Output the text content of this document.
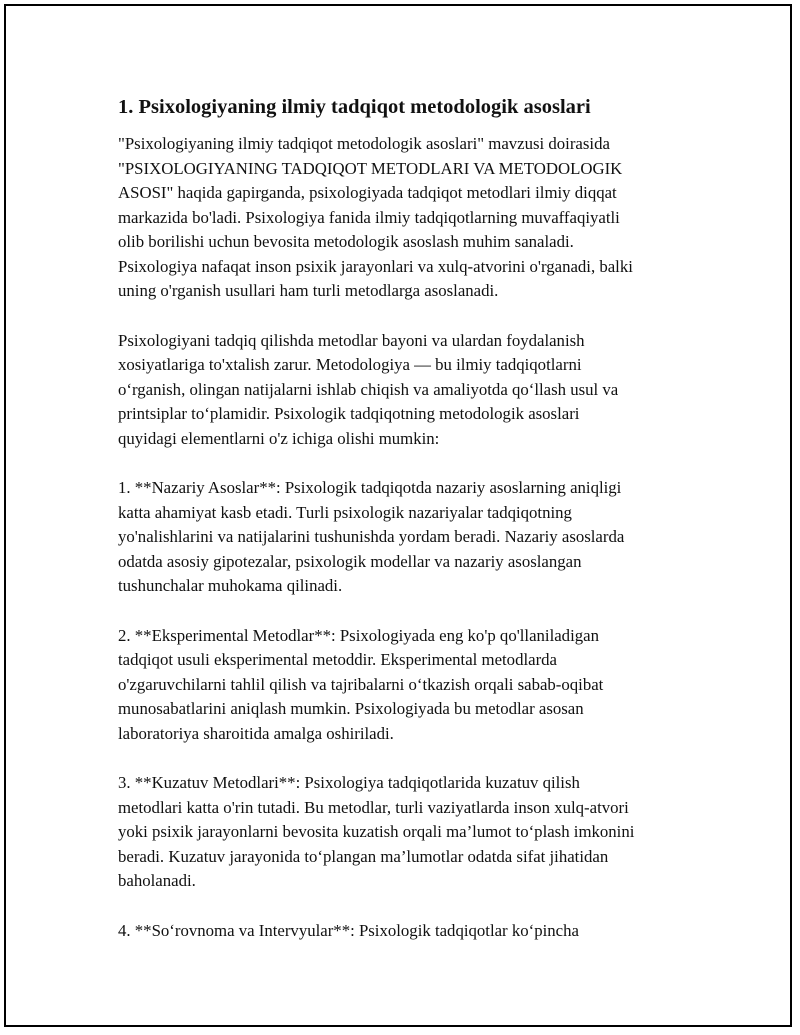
1. Psixologiyaning ilmiy tadqiqot metodologik asoslari

"Psixologiyaning ilmiy tadqiqot metodologik asoslari" mavzusi doirasida
"PSIXOLOGIYANING TADQIQOT METODLARI VA METODOLOGIK
ASOSI" haqida gapirganda, psixologiyada tadqiqot metodlari ilmiy diqqat
markazida bo'ladi. Psixologiya fanida ilmiy tadqiqotlarning muvaffaqiyatli
olib borilishi uchun bevosita metodologik asoslash muhim sanaladi.
Psixologiya nafaqat inson psixik jarayonlari va xulq-atvorini o'rganadi, balki
uning o'rganish usullari ham turli metodlarga asoslanadi.

Psixologiyani tadqiq qilishda metodlar bayoni va ulardan foydalanish
xosiyatlariga to'xtalish zarur. Metodologiya — bu ilmiy tadqiqotlarni
o‘rganish, olingan natijalarni ishlab chiqish va amaliyotda qo‘llash usul va
printsiplar to‘plamidir. Psixologik tadqiqotning metodologik asoslari
quyidagi elementlarni o'z ichiga olishi mumkin:

1. **Nazariy Asoslar**: Psixologik tadqiqotda nazariy asoslarning aniqligi
katta ahamiyat kasb etadi. Turli psixologik nazariyalar tadqiqotning
yo'nalishlarini va natijalarini tushunishda yordam beradi. Nazariy asoslarda
odatda asosiy gipotezalar, psixologik modellar va nazariy asoslangan
tushunchalar muhokama qilinadi.

2. **Eksperimental Metodlar**: Psixologiyada eng ko'p qo'llaniladigan
tadqiqot usuli eksperimental metoddir. Eksperimental metodlarda
o'zgaruvchilarni tahlil qilish va tajribalarni o‘tkazish orqali sabab-oqibat
munosabatlarini aniqlash mumkin. Psixologiyada bu metodlar asosan
laboratoriya sharoitida amalga oshiriladi.

3. **Kuzatuv Metodlari**: Psixologiya tadqiqotlarida kuzatuv qilish
metodlari katta o'rin tutadi. Bu metodlar, turli vaziyatlarda inson xulq-atvori
yoki psixik jarayonlarni bevosita kuzatish orqali ma’lumot to‘plash imkonini
beradi. Kuzatuv jarayonida to‘plangan ma’lumotlar odatda sifat jihatidan
baholanadi.

4. **So‘rovnoma va Intervyular**: Psixologik tadqiqotlar ko‘pincha
